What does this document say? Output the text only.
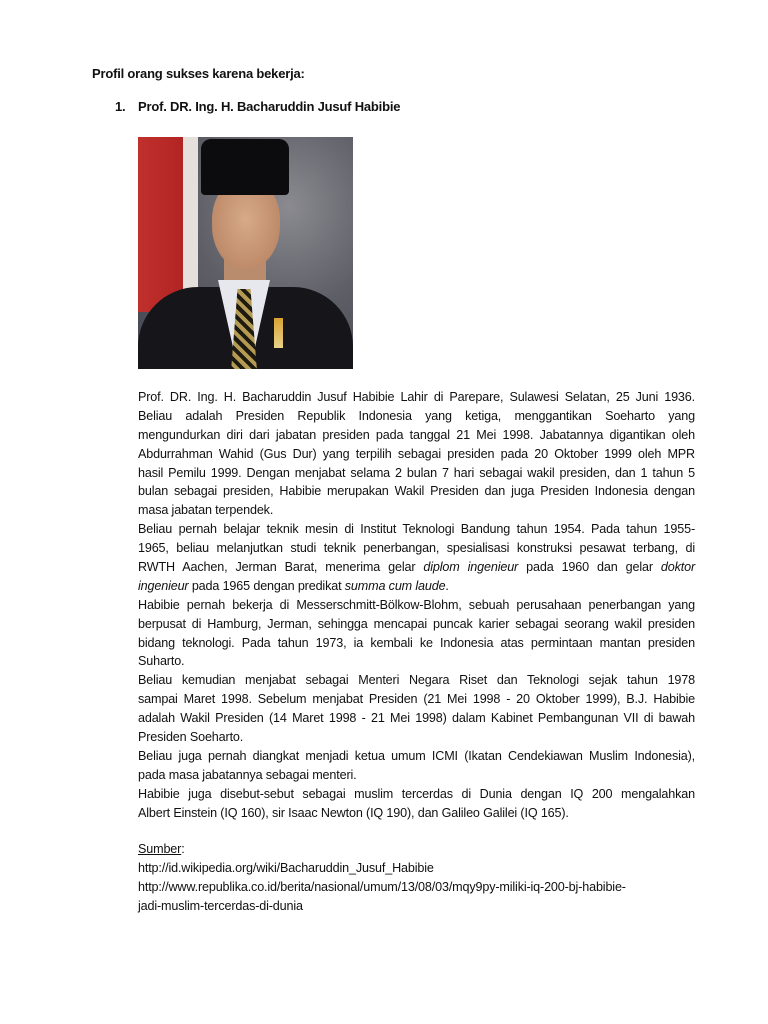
Profil orang sukses karena bekerja:
1. Prof. DR. Ing. H. Bacharuddin Jusuf Habibie
Prof. DR. Ing. H. Bacharuddin Jusuf Habibie Lahir di Parepare, Sulawesi Selatan, 25 Juni 1936.
Beliau adalah Presiden Republik Indonesia yang ketiga, menggantikan Soeharto yang
mengundurkan diri dari jabatan presiden pada tanggal 21 Mei 1998. Jabatannya digantikan oleh
Abdurrahman Wahid (Gus Dur) yang terpilih sebagai presiden pada 20 Oktober 1999 oleh MPR
hasil Pemilu 1999. Dengan menjabat selama 2 bulan 7 hari sebagai wakil presiden, dan 1 tahun 5
bulan sebagai presiden, Habibie merupakan Wakil Presiden dan juga Presiden Indonesia dengan
masa jabatan terpendek.
Beliau pernah belajar teknik mesin di Institut Teknologi Bandung tahun 1954. Pada tahun 1955-
1965, beliau melanjutkan studi teknik penerbangan, spesialisasi konstruksi pesawat terbang, di
RWTH Aachen, Jerman Barat, menerima gelar diplom ingenieur pada 1960 dan gelar doktor
ingenieur pada 1965 dengan predikat summa cum laude.
Habibie pernah bekerja di Messerschmitt-Bölkow-Blohm, sebuah perusahaan penerbangan yang
berpusat di Hamburg, Jerman, sehingga mencapai puncak karier sebagai seorang wakil presiden
bidang teknologi. Pada tahun 1973, ia kembali ke Indonesia atas permintaan mantan presiden
Suharto.
Beliau kemudian menjabat sebagai Menteri Negara Riset dan Teknologi sejak tahun 1978
sampai Maret 1998. Sebelum menjabat Presiden (21 Mei 1998 - 20 Oktober 1999), B.J. Habibie
adalah Wakil Presiden (14 Maret 1998 - 21 Mei 1998) dalam Kabinet Pembangunan VII di bawah
Presiden Soeharto.
Beliau juga pernah diangkat menjadi ketua umum ICMI (Ikatan Cendekiawan Muslim Indonesia),
pada masa jabatannya sebagai menteri.
Habibie juga disebut-sebut sebagai muslim tercerdas di Dunia dengan IQ 200 mengalahkan
Albert Einstein (IQ 160), sir Isaac Newton (IQ 190), dan Galileo Galilei (IQ 165).
Sumber:
http://id.wikipedia.org/wiki/Bacharuddin_Jusuf_Habibie
http://www.republika.co.id/berita/nasional/umum/13/08/03/mqy9py-miliki-iq-200-bj-habibie-
jadi-muslim-tercerdas-di-dunia
